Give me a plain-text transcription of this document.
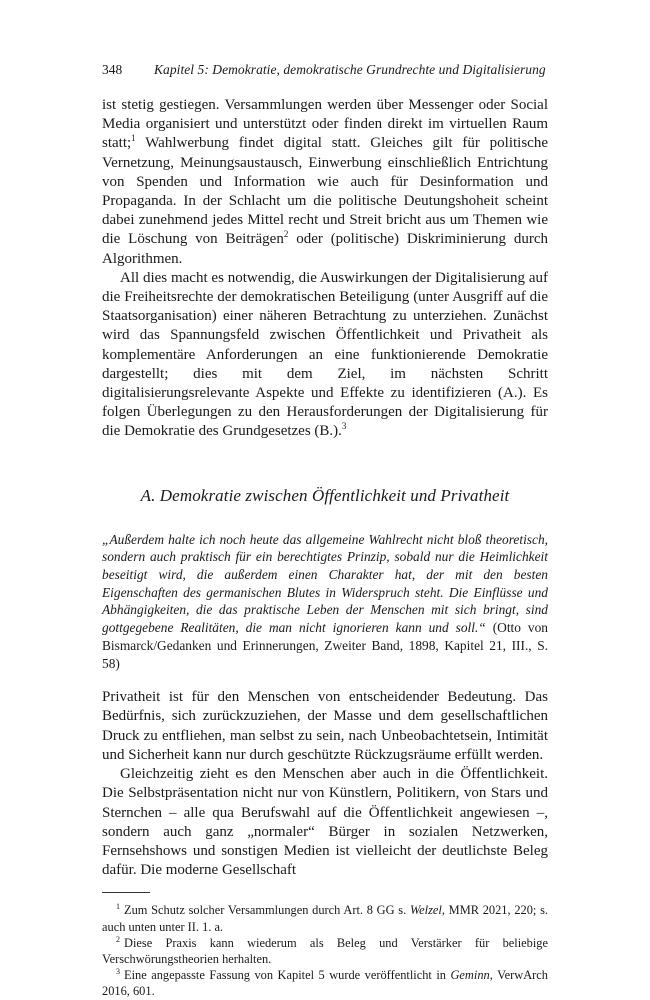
348	Kapitel 5: Demokratie, demokratische Grundrechte und Digitalisierung

ist stetig gestiegen. Versammlungen werden über Messenger oder Social Media organisiert und unterstützt oder finden direkt im virtuellen Raum statt;$^1$ Wahlwerbung findet digital statt. Gleiches gilt für politische Vernetzung, Meinungsaustausch, Einwerbung einschließlich Entrichtung von Spenden und Information wie auch für Desinformation und Propaganda. In der Schlacht um die politische Deutungshoheit scheint dabei zunehmend jedes Mittel recht und Streit bricht aus um Themen wie die Löschung von Beiträgen$^2$ oder (politische) Diskriminierung durch Algorithmen.

All dies macht es notwendig, die Auswirkungen der Digitalisierung auf die Freiheitsrechte der demokratischen Beteiligung (unter Ausgriff auf die Staatsorganisation) einer näheren Betrachtung zu unterziehen. Zunächst wird das Spannungsfeld zwischen Öffentlichkeit und Privatheit als komplementäre Anforderungen an eine funktionierende Demokratie dargestellt; dies mit dem Ziel, im nächsten Schritt digitalisierungsrelevante Aspekte und Effekte zu identifizieren (A.). Es folgen Überlegungen zu den Herausforderungen der Digitalisierung für die Demokratie des Grundgesetzes (B.).$^3$

A. Demokratie zwischen Öffentlichkeit und Privatheit
„Außerdem halte ich noch heute das allgemeine Wahlrecht nicht bloß theoretisch, sondern auch praktisch für ein berechtigtes Prinzip, sobald nur die Heimlichkeit beseitigt wird, die außerdem einen Charakter hat, der mit den besten Eigenschaften des germanischen Blutes in Widerspruch steht. Die Einflüsse und Abhängigkeiten, die das praktische Leben der Menschen mit sich bringt, sind gottgegebene Realitäten, die man nicht ignorieren kann und soll.“ (Otto von Bismarck/Gedanken und Erinnerungen, Zweiter Band, 1898, Kapitel 21, III., S. 58)

Privatheit ist für den Menschen von entscheidender Bedeutung. Das Bedürfnis, sich zurückzuziehen, der Masse und dem gesellschaftlichen Druck zu entfliehen, man selbst zu sein, nach Unbeobachtetsein, Intimität und Sicherheit kann nur durch geschützte Rückzugsräume erfüllt werden.

Gleichzeitig zieht es den Menschen aber auch in die Öffentlichkeit. Die Selbstpräsentation nicht nur von Künstlern, Politikern, von Stars und Sternchen – alle qua Berufswahl auf die Öffentlichkeit angewiesen –, sondern auch ganz „normaler“ Bürger in sozialen Netzwerken, Fernsehshows und sonstigen Medien ist vielleicht der deutlichste Beleg dafür. Die moderne Gesellschaft

$^1$ Zum Schutz solcher Versammlungen durch Art. 8 GG s. Welzel, MMR 2021, 220; s. auch unten unter II. 1. a.

$^2$ Diese Praxis kann wiederum als Beleg und Verstärker für beliebige Verschwörungstheorien herhalten.

$^3$ Eine angepasste Fassung von Kapitel 5 wurde veröffentlicht in Geminn, VerwArch 2016, 601.
